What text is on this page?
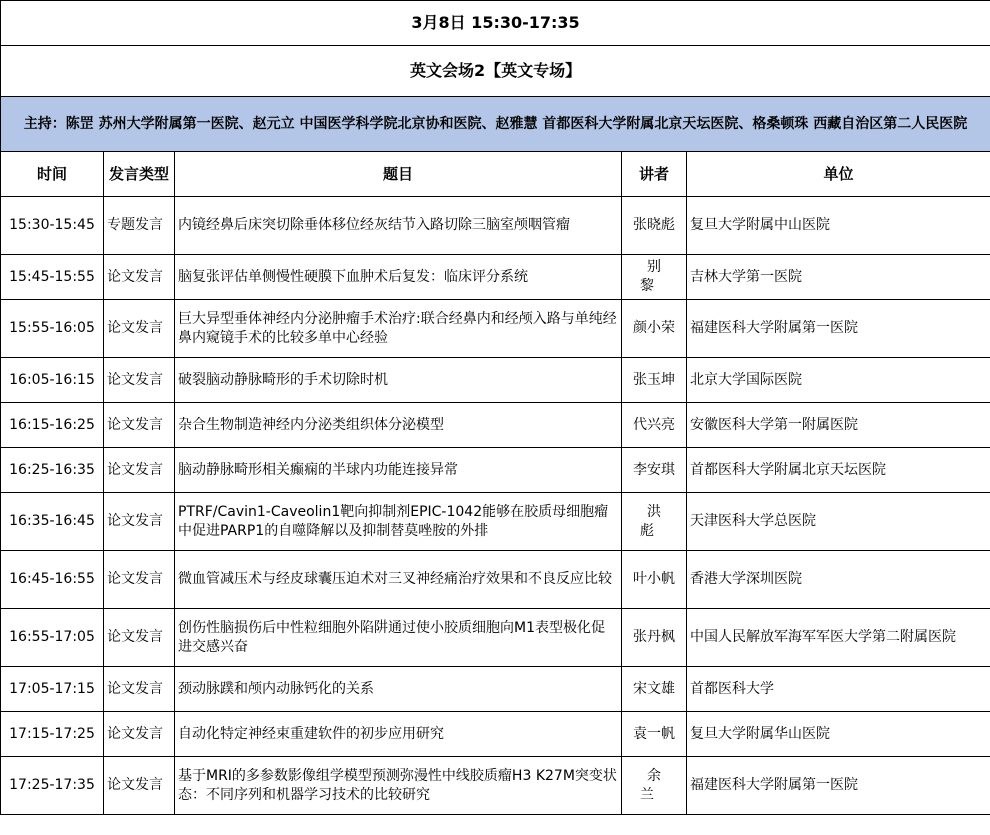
3月8日 15:30-17:35				
英文会场2【英文专场】				
主持：陈罡 苏州大学附属第一医院、赵元立 中国医学科学院北京协和医院、赵雅慧 首都医科大学附属北京天坛医院、格桑顿珠 西藏自治区第二人民医院				
时间	发言类型	题目	讲者	单位
15:30-15:45	专题发言	内镜经鼻后床突切除垂体移位经灰结节入路切除三脑室颅咽管瘤	张晓彪	复旦大学附属中山医院
15:45-15:55	论文发言	脑复张评估单侧慢性硬膜下血肿术后复发：临床评分系统	别黎	吉林大学第一医院
15:55-16:05	论文发言	巨大异型垂体神经内分泌肿瘤手术治疗:联合经鼻内和经颅入路与单纯经鼻内窥镜手术的比较多单中心经验	颜小荣	福建医科大学附属第一医院
16:05-16:15	论文发言	破裂脑动静脉畸形的手术切除时机	张玉坤	北京大学国际医院
16:15-16:25	论文发言	杂合生物制造神经内分泌类组织体分泌模型	代兴亮	安徽医科大学第一附属医院
16:25-16:35	论文发言	脑动静脉畸形相关癫痫的半球内功能连接异常	李安琪	首都医科大学附属北京天坛医院
16:35-16:45	论文发言	PTRF/Cavin1-Caveolin1靶向抑制剂EPIC-1042能够在胶质母细胞瘤中促进PARP1的自噬降解以及抑制替莫唑胺的外排	洪彪	天津医科大学总医院
16:45-16:55	论文发言	微血管减压术与经皮球囊压迫术对三叉神经痛治疗效果和不良反应比较	叶小帆	香港大学深圳医院
16:55-17:05	论文发言	创伤性脑损伤后中性粒细胞外陷阱通过使小胶质细胞向M1表型极化促进交感兴奋	张丹枫	中国人民解放军海军军医大学第二附属医院
17:05-17:15	论文发言	颈动脉蹼和颅内动脉钙化的关系	宋文雄	首都医科大学
17:15-17:25	论文发言	自动化特定神经束重建软件的初步应用研究	袁一帆	复旦大学附属华山医院
17:25-17:35	论文发言	基于MRI的多参数影像组学模型预测弥漫性中线胶质瘤H3 K27M突变状态：不同序列和机器学习技术的比较研究	余兰	福建医科大学附属第一医院
